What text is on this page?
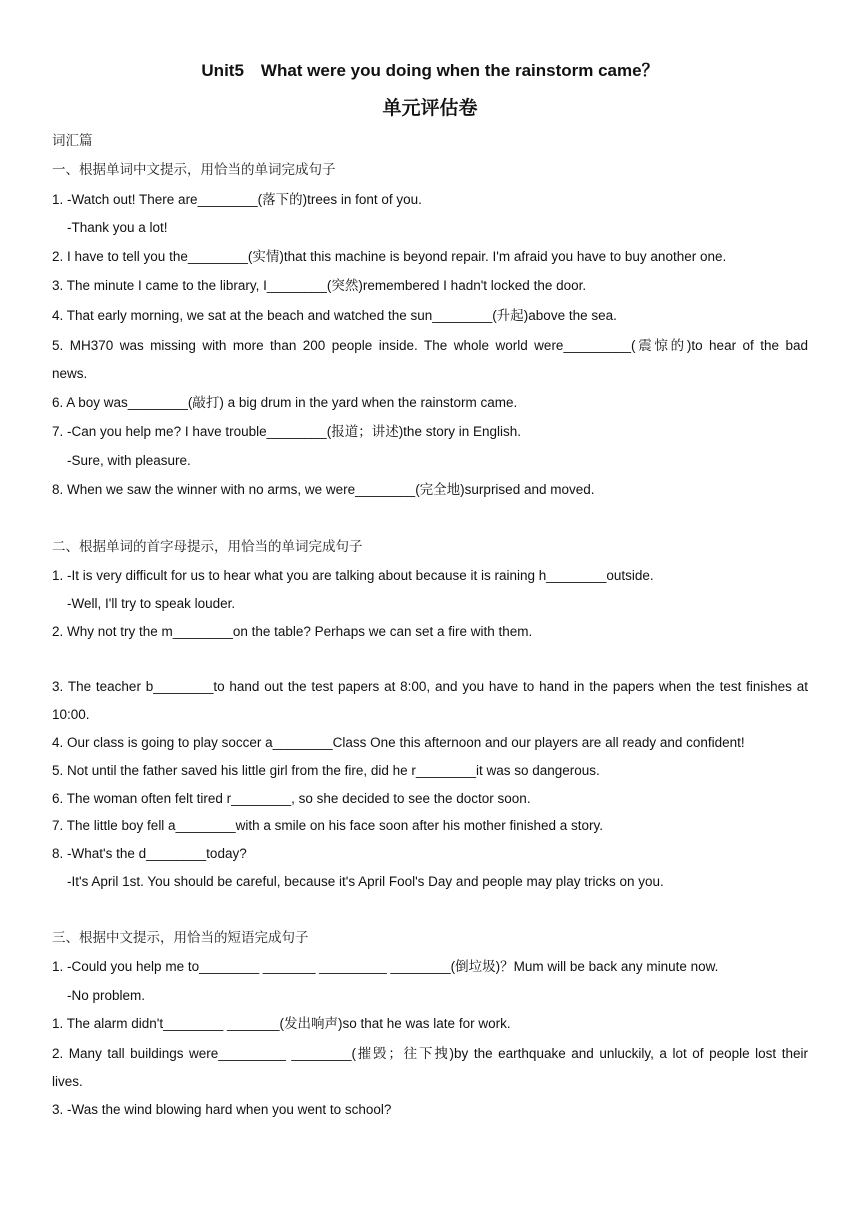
Unit5　What were you doing when the rainstorm came？
单元评估卷
词汇篇
一、根据单词中文提示，用恰当的单词完成句子
1. -Watch out! There are________(落下的)trees in font of you.
-Thank you a lot!
2. I have to tell you the________(实情)that this machine is beyond repair. I'm afraid you have to buy another one.
3. The minute I came to the library, I________(突然)remembered I hadn't locked the door.
4. That early morning, we sat at the beach and watched the sun________(升起)above the sea.
5. MH370 was missing with more than 200 people inside. The whole world were_________(震惊的)to hear of the bad
news.
6. A boy was________(敲打) a big drum in the yard when the rainstorm came.
7. -Can you help me? I have trouble________(报道；讲述)the story in English.
-Sure, with pleasure.
8. When we saw the winner with no arms, we were________(完全地)surprised and moved.
二、根据单词的首字母提示，用恰当的单词完成句子
1. -It is very difficult for us to hear what you are talking about because it is raining h________outside.
-Well, I'll try to speak louder.
2. Why not try the m________on the table? Perhaps we can set a fire with them.
3. The teacher b________to hand out the test papers at 8:00, and you have to hand in the papers when the test finishes at
10:00.
4. Our class is going to play soccer a________Class One this afternoon and our players are all ready and confident!
5. Not until the father saved his little girl from the fire, did he r________it was so dangerous.
6. The woman often felt tired r________, so she decided to see the doctor soon.
7. The little boy fell a________with a smile on his face soon after his mother finished a story.
8. -What's the d________today?
-It's April 1st. You should be careful, because it's April Fool's Day and people may play tricks on you.
三、根据中文提示，用恰当的短语完成句子
1. -Could you help me to________ _______ _________ ________(倒垃圾)？Mum will be back any minute now.
-No problem.
1. The alarm didn't________ _______(发出响声)so that he was late for work.
2. Many tall buildings were_________ ________(摧毁；往下拽)by the earthquake and unluckily, a lot of people lost their
lives.
3. -Was the wind blowing hard when you went to school?
